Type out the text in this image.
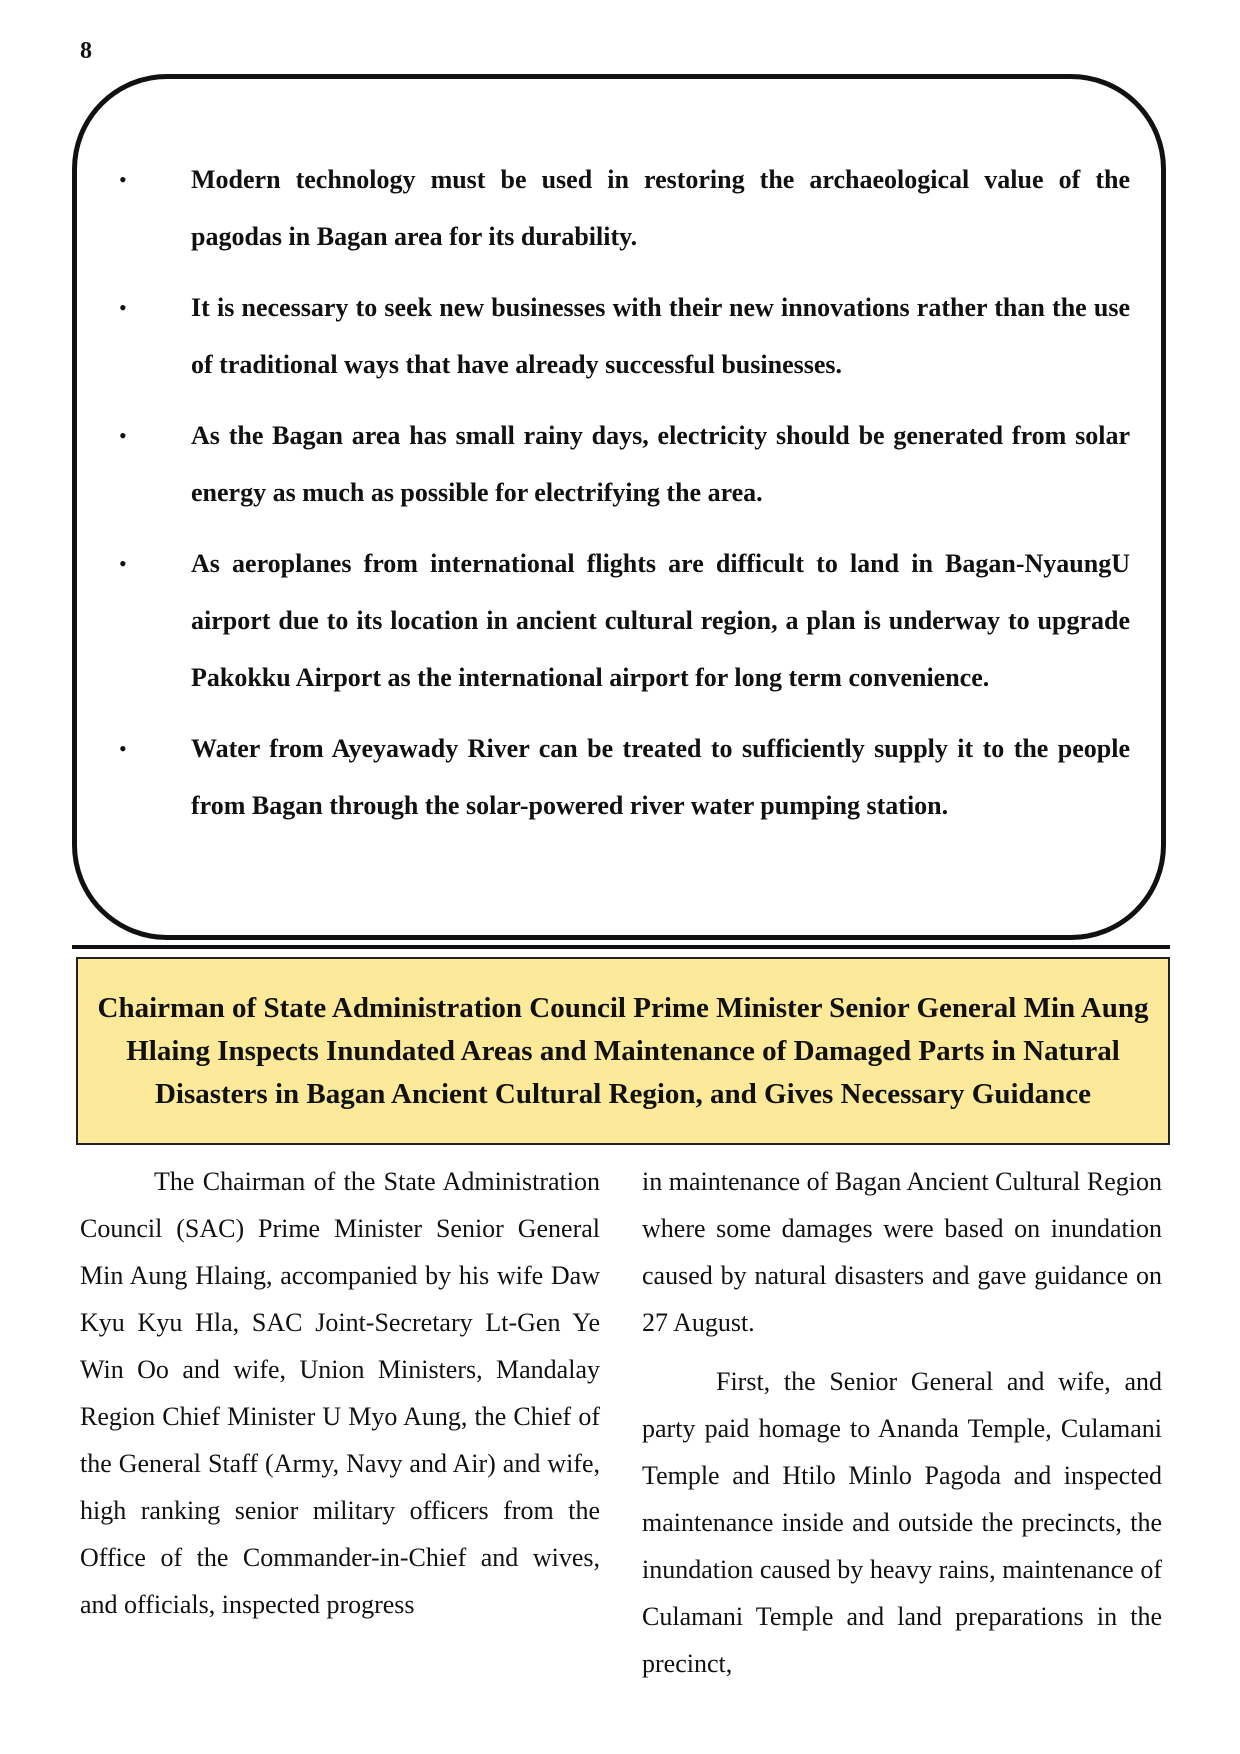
8
• Modern technology must be used in restoring the archaeological value of the pagodas in Bagan area for its durability.
• It is necessary to seek new businesses with their new innovations rather than the use of traditional ways that have already successful businesses.
• As the Bagan area has small rainy days, electricity should be generated from solar energy as much as possible for electrifying the area.
• As aeroplanes from international flights are difficult to land in Bagan-NyaungU airport due to its location in ancient cultural region, a plan is underway to upgrade Pakokku Airport as the international airport for long term convenience.
• Water from Ayeyawady River can be treated to sufficiently supply it to the people from Bagan through the solar-powered river water pumping station.
Chairman of State Administration Council Prime Minister Senior General Min Aung Hlaing Inspects Inundated Areas and Maintenance of Damaged Parts in Natural Disasters in Bagan Ancient Cultural Region, and Gives Necessary Guidance

The Chairman of the State Administration Council (SAC) Prime Minister Senior General Min Aung Hlaing, accompanied by his wife Daw Kyu Kyu Hla, SAC Joint-Secretary Lt-Gen Ye Win Oo and wife, Union Ministers, Mandalay Region Chief Minister U Myo Aung, the Chief of the General Staff (Army, Navy and Air) and wife, high ranking senior military officers from the Office of the Commander-in-Chief and wives, and officials, inspected progress

in maintenance of Bagan Ancient Cultural Region where some damages were based on inundation caused by natural disasters and gave guidance on 27 August.

First, the Senior General and wife, and party paid homage to Ananda Temple, Culamani Temple and Htilo Minlo Pagoda and inspected maintenance inside and outside the precincts, the inundation caused by heavy rains, maintenance of Culamani Temple and land preparations in the precinct,
